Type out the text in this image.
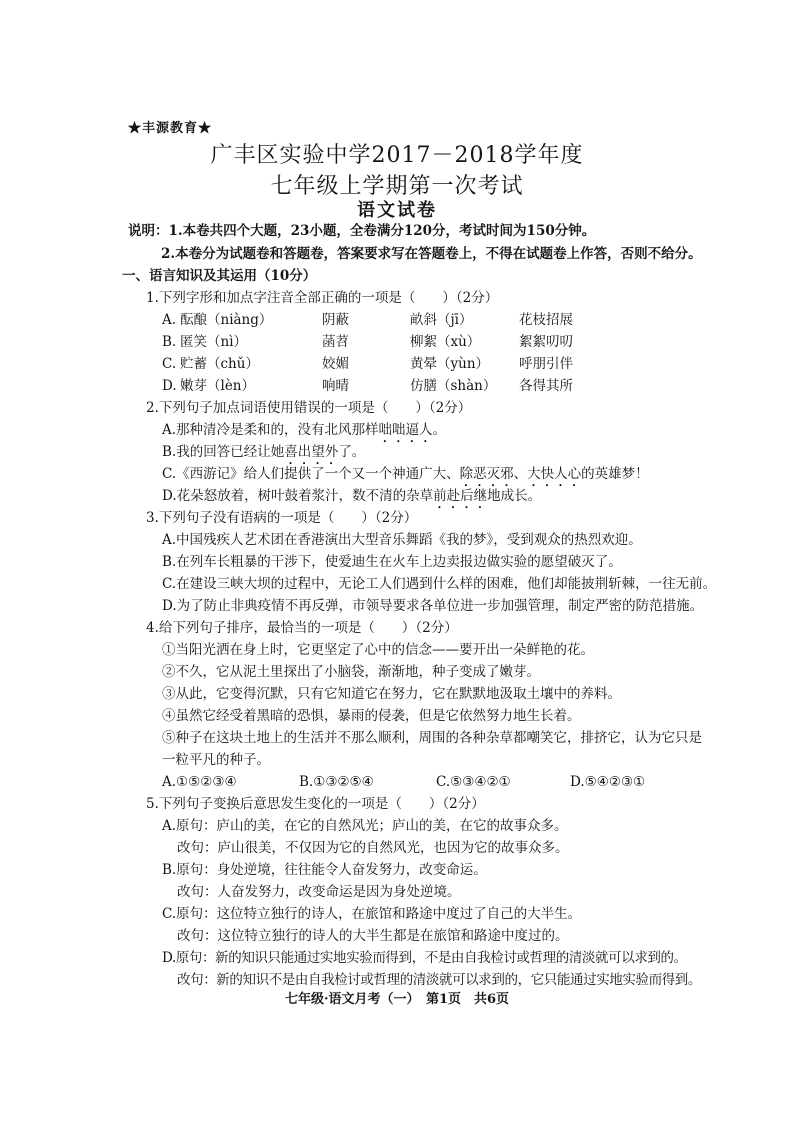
★丰源教育★
广丰区实验中学2017－2018学年度
七年级上学期第一次考试
语文试卷
说明：1.本卷共四个大题，23小题，全卷满分120分，考试时间为150分钟。
2.本卷分为试题卷和答题卷，答案要求写在答题卷上，不得在试题卷上作答，否则不给分。
一、语言知识及其运用（10分）
1.下列字形和加点字注音全部正确的一项是（　　）（2分）
A. 酝酿（niàng）	阴蔽	畝斜（jī）	花枝招展
B. 匿笑（nì）	菡苕	柳絮（xù）	絮絮叨叨
C. 贮蓄（chǔ）	姣媚	黄晕（yùn） 呼朋引伴
D. 嫩芽（lèn）	响晴	仿膳（shàn） 各得其所
2.下列句子加点词语使用错误的一项是（　　）（2分）
A.那种清冷是柔和的，没有北风那样咄咄逼人。
B.我的回答已经让她喜出望外了。
C.《西游记》给人们提供了一个又一个神通广大、除恶灭邪、大快人心的英雄梦！
D.花朵怒放着，树叶鼓着浆汁，数不清的杂草前赴后继地成长。
3.下列句子没有语病的一项是（　　）（2分）
A.中国残疾人艺术团在香港演出大型音乐舞蹈《我的梦》，受到观众的热烈欢迎。
B.在列车长粗暴的干涉下，使爱迪生在火车上边卖报边做实验的愿望破灭了。
C.在建设三峡大坝的过程中，无论工人们遇到什么样的困难，他们却能披荆斩棘，一往无前。
D.为了防止非典疫情不再反弹，市领导要求各单位进一步加强管理，制定严密的防范措施。
4.给下列句子排序，最恰当的一项是（　　）（2分）
①当阳光洒在身上时，它更坚定了心中的信念——要开出一朵鲜艳的花。
②不久，它从泥土里探出了小脑袋，渐渐地，种子变成了嫩芽。
③从此，它变得沉默，只有它知道它在努力，它在默默地汲取土壤中的养料。
④虽然它经受着黑暗的恐惧，暴雨的侵袭，但是它依然努力地生长着。
⑤种子在这块土地上的生活并不那么顺利，周围的各种杂草都嘲笑它，排挤它，认为它只是
一粒平凡的种子。
A.①⑤②③④	B.①③②⑤④	C.⑤③④②①	D.⑤④②③①
5.下列句子变换后意思发生变化的一项是（　　）（2分）
A.原句：庐山的美，在它的自然风光；庐山的美，在它的故事众多。
改句：庐山很美，不仅因为它的自然风光，也因为它的故事众多。
B.原句：身处逆境，往往能令人奋发努力，改变命运。
改句：人奋发努力，改变命运是因为身处逆境。
C.原句：这位特立独行的诗人，在旅馆和路途中度过了自己的大半生。
改句：这位特立独行的诗人的大半生都是在旅馆和路途中度过的。
D.原句：新的知识只能通过实地实验而得到，不是由自我检讨或哲理的清淡就可以求到的。
改句：新的知识不是由自我检讨或哲理的清淡就可以求到的，它只能通过实地实验而得到。
七年级·语文月考（一）　第1页　共6页
